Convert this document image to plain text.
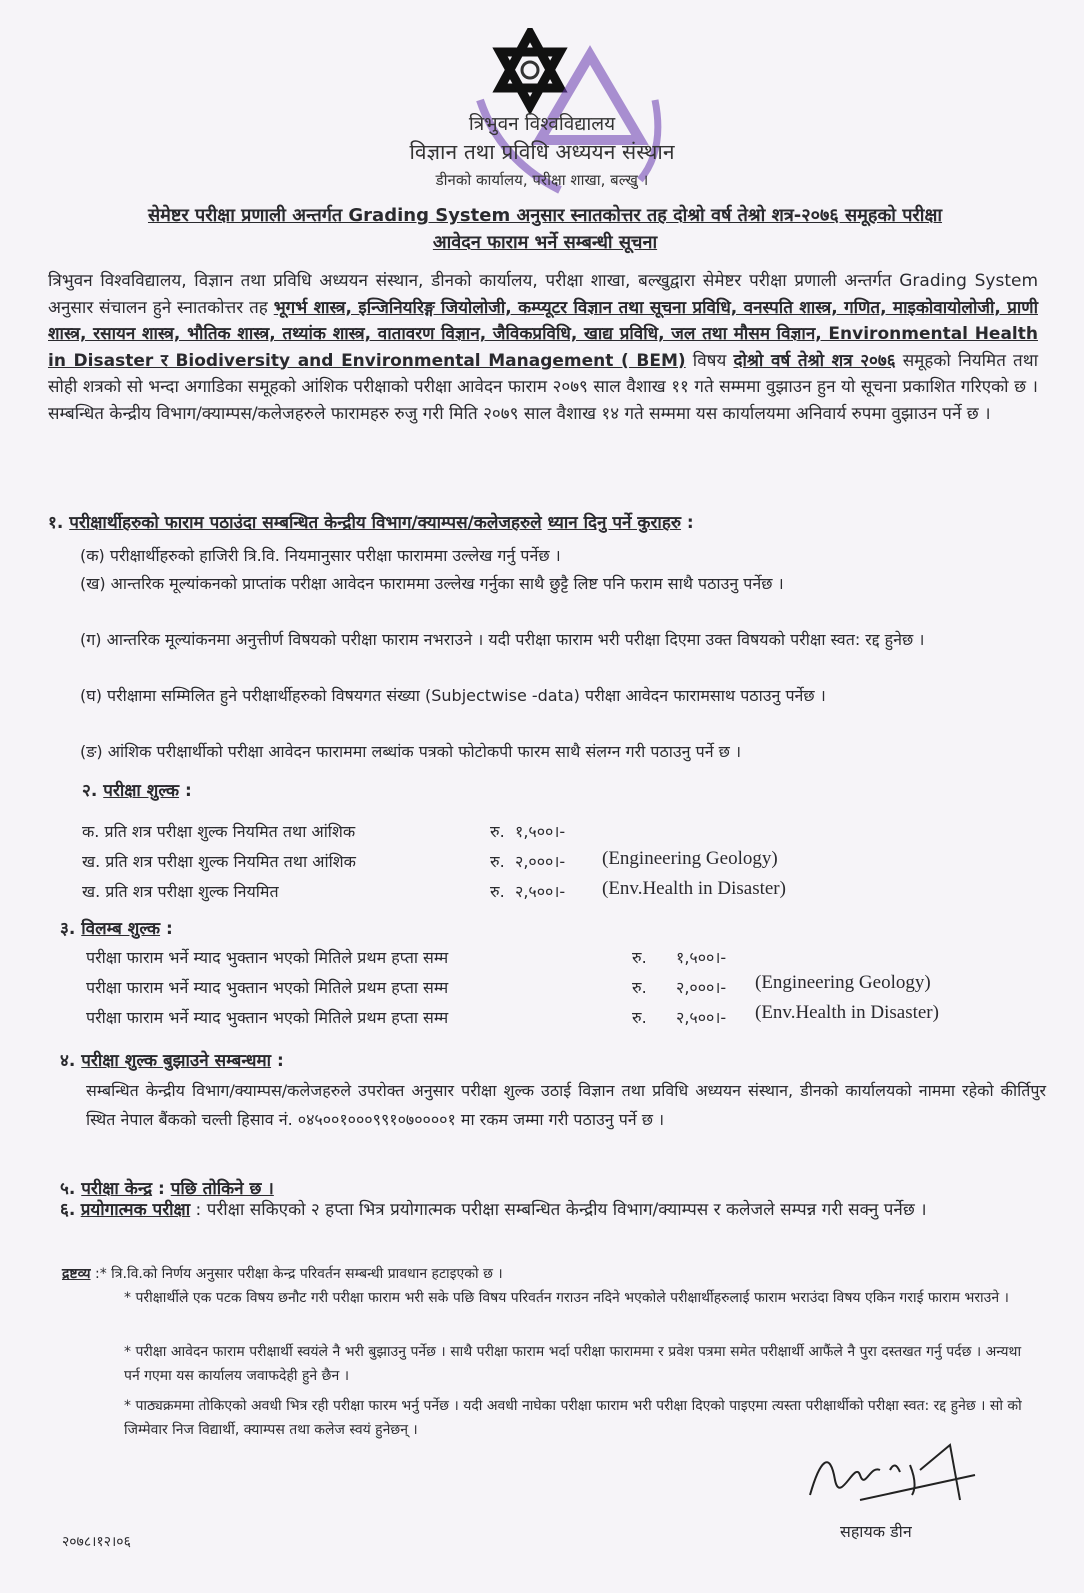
त्रिभुवन विश्वविद्यालय
विज्ञान तथा प्रविधि अध्ययन संस्थान
डीनको कार्यालय, परीक्षा शाखा, बल्खु ।
सेमेष्टर परीक्षा प्रणाली अन्तर्गत Grading System अनुसार स्नातकोत्तर तह दोश्रो वर्ष तेश्रो शत्र-२०७६ समूहको परीक्षा
आवेदन फाराम भर्ने सम्बन्धी सूचना
त्रिभुवन विश्वविद्यालय, विज्ञान तथा प्रविधि अध्ययन संस्थान, डीनको कार्यालय, परीक्षा शाखा, बल्खुद्वारा सेमेष्टर परीक्षा प्रणाली अन्तर्गत Grading System अनुसार संचालन हुने स्नातकोत्तर तह भूगर्भ शास्त्र, इन्जिनियरिङ्ग जियोलोजी, कम्प्यूटर विज्ञान तथा सूचना प्रविधि, वनस्पति शास्त्र, गणित, माइकोवायोलोजी, प्राणी शास्त्र, रसायन शास्त्र, भौतिक शास्त्र, तथ्यांक शास्त्र, वातावरण विज्ञान, जैविकप्रविधि, खाद्य प्रविधि, जल तथा मौसम विज्ञान, Environmental Health in Disaster र Biodiversity and Environmental Management ( BEM) विषय दोश्रो वर्ष तेश्रो शत्र २०७६ समूहको नियमित तथा सोही शत्रको सो भन्दा अगाडिका समूहको आंशिक परीक्षाको परीक्षा आवेदन फाराम २०७९ साल वैशाख ११ गते सम्ममा वुझाउन हुन यो सूचना प्रकाशित गरिएको छ । सम्बन्धित केन्द्रीय विभाग/क्याम्पस/कलेजहरुले फारामहरु रुजु गरी मिति २०७९ साल वैशाख १४ गते सम्ममा यस कार्यालयमा अनिवार्य रुपमा वुझाउन पर्ने छ ।
१. परीक्षार्थीहरुको फाराम पठाउंदा सम्बन्धित केन्द्रीय विभाग/क्याम्पस/कलेजहरुले ध्यान दिनु पर्ने कुराहरु :
(क) परीक्षार्थीहरुको हाजिरी त्रि.वि. नियमानुसार परीक्षा फाराममा उल्लेख गर्नु पर्नेछ ।
(ख) आन्तरिक मूल्यांकनको प्राप्तांक परीक्षा आवेदन फाराममा उल्लेख गर्नुका साथै छुट्टै लिष्ट पनि फराम साथै पठाउनु पर्नेछ ।
(ग) आन्तरिक मूल्यांकनमा अनुत्तीर्ण विषयको परीक्षा फाराम नभराउने । यदी परीक्षा फाराम भरी परीक्षा दिएमा उक्त विषयको परीक्षा स्वत: रद्द हुनेछ ।
(घ) परीक्षामा सम्मिलित हुने परीक्षार्थीहरुको विषयगत संख्या (Subjectwise -data) परीक्षा आवेदन फारामसाथ पठाउनु पर्नेछ ।
(ङ) आंशिक परीक्षार्थीको परीक्षा आवेदन फाराममा लब्धांक पत्रको फोटोकपी फारम साथै संलग्न गरी पठाउनु पर्ने छ ।
२. परीक्षा शुल्क :
क. प्रति शत्र परीक्षा शुल्क नियमित तथा आंशिक	रु. १,५००।-
ख. प्रति शत्र परीक्षा शुल्क नियमित तथा आंशिक	रु. २,०००।- (Engineering Geology)
ख. प्रति शत्र परीक्षा शुल्क नियमित	रु. २,५००।- (Env.Health in Disaster)
३. विलम्ब शुल्क :
परीक्षा फाराम भर्ने म्याद भुक्तान भएको मितिले प्रथम हप्ता सम्म	रु. १,५००।-
परीक्षा फाराम भर्ने म्याद भुक्तान भएको मितिले प्रथम हप्ता सम्म	रु. २,०००।- (Engineering Geology)
परीक्षा फाराम भर्ने म्याद भुक्तान भएको मितिले प्रथम हप्ता सम्म	रु. २,५००।- (Env.Health in Disaster)
४. परीक्षा शुल्क बुझाउने सम्बन्धमा :
सम्बन्धित केन्द्रीय विभाग/क्याम्पस/कलेजहरुले उपरोक्त अनुसार परीक्षा शुल्क उठाई विज्ञान तथा प्रविधि अध्ययन संस्थान, डीनको कार्यालयको नाममा रहेको कीर्तिपुर स्थित नेपाल बैंकको चल्ती हिसाव नं. ०४५००१०००९९१०७००००१ मा रकम जम्मा गरी पठाउनु पर्ने छ ।
५. परीक्षा केन्द्र : पछि तोकिने छ ।
६. प्रयोगात्मक परीक्षा : परीक्षा सकिएको २ हप्ता भित्र प्रयोगात्मक परीक्षा सम्बन्धित केन्द्रीय विभाग/क्याम्पस र कलेजले सम्पन्न गरी सक्नु पर्नेछ ।
द्रष्टव्य :* त्रि.वि.को निर्णय अनुसार परीक्षा केन्द्र परिवर्तन सम्बन्धी प्रावधान हटाइएको छ ।
* परीक्षार्थीले एक पटक विषय छनौट गरी परीक्षा फाराम भरी सके पछि विषय परिवर्तन गराउन नदिने भएकोले परीक्षार्थीहरुलाई फाराम भराउंदा विषय एकिन गराई फाराम भराउने ।
* परीक्षा आवेदन फाराम परीक्षार्थी स्वयंले नै भरी बुझाउनु पर्नेछ । साथै परीक्षा फाराम भर्दा परीक्षा फाराममा र प्रवेश पत्रमा समेत परीक्षार्थी आफैंले नै पुरा दस्तखत गर्नु पर्दछ । अन्यथा पर्न गएमा यस कार्यालय जवाफदेही हुने छैन ।
* पाठ्यक्रममा तोकिएको अवधी भित्र रही परीक्षा फारम भर्नु पर्नेछ । यदी अवधी नाघेका परीक्षा फाराम भरी परीक्षा दिएको पाइएमा त्यस्ता परीक्षार्थीको परीक्षा स्वत: रद्द हुनेछ । सो को जिम्मेवार निज विद्यार्थी, क्याम्पस तथा कलेज स्वयं हुनेछन् ।
सहायक डीन
२०७८।१२।०६
